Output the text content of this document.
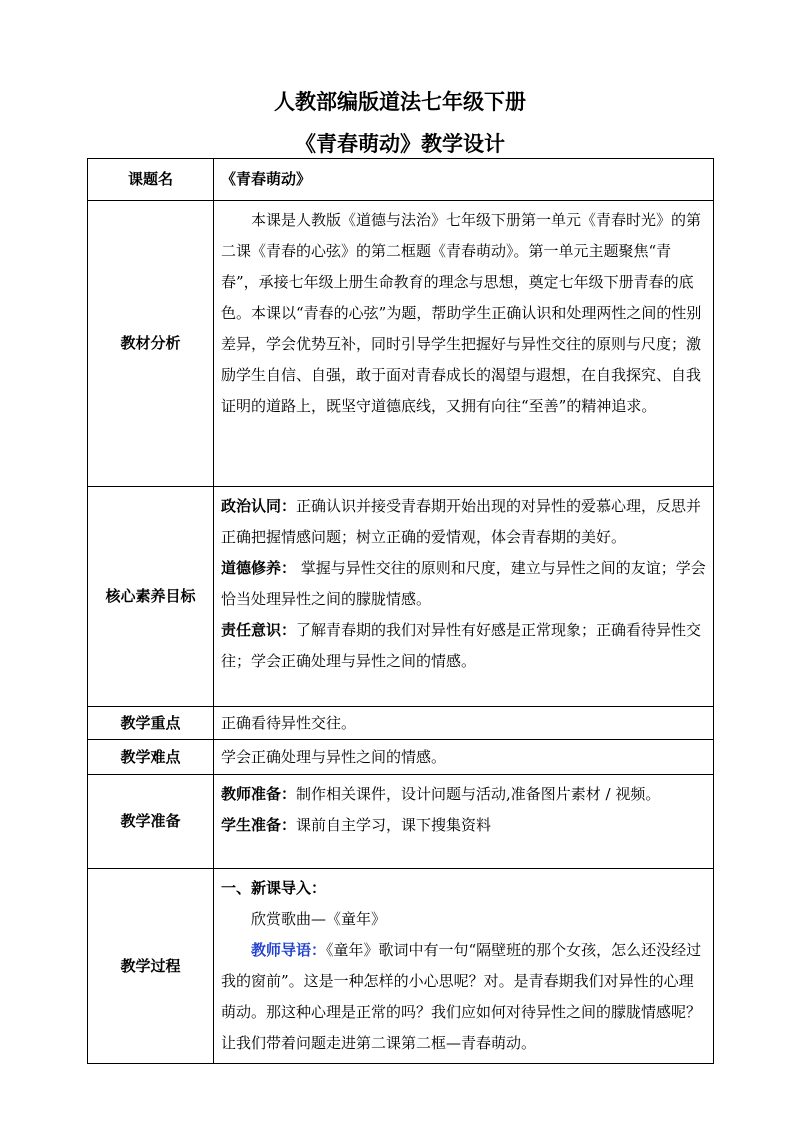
人教部编版道法七年级下册
《青春萌动》教学设计
课题名	《青春萌动》
教材分析	本课是人教版《道德与法治》七年级下册第一单元《青春时光》的第二课《青春的心弦》的第二框题《青春萌动》。第一单元主题聚焦“青春”，承接七年级上册生命教育的理念与思想，奠定七年级下册青春的底色。本课以“青春的心弦”为题，帮助学生正确认识和处理两性之间的性别差异，学会优势互补，同时引导学生把握好与异性交往的原则与尺度；激励学生自信、自强，敢于面对青春成长的渴望与遐想，在自我探究、自我证明的道路上，既坚守道德底线，又拥有向往“至善”的精神追求。

核心素养目标	政治认同：正确认识并接受青春期开始出现的对异性的爱慕心理，反思并正确把握情感问题；树立正确的爱情观，体会青春期的美好。

道德修养： 掌握与异性交往的原则和尺度，建立与异性之间的友谊；学会恰当处理异性之间的朦胧情感。

责任意识：了解青春期的我们对异性有好感是正常现象；正确看待异性交往；学会正确处理与异性之间的情感。

教学重点	正确看待异性交往。
教学难点	学会正确处理与异性之间的情感。
教学准备	教师准备：制作相关课件，设计问题与活动,准备图片素材 / 视频。

学生准备：课前自主学习，课下搜集资料

教学过程	一、新课导入：

欣赏歌曲—《童年》

教师导语：《童年》歌词中有一句“隔壁班的那个女孩，怎么还没经过我的窗前”。这是一种怎样的小心思呢？对。是青春期我们对异性的心理萌动。那这种心理是正常的吗？我们应如何对待异性之间的朦胧情感呢？让我们带着问题走进第二课第二框—青春萌动。
